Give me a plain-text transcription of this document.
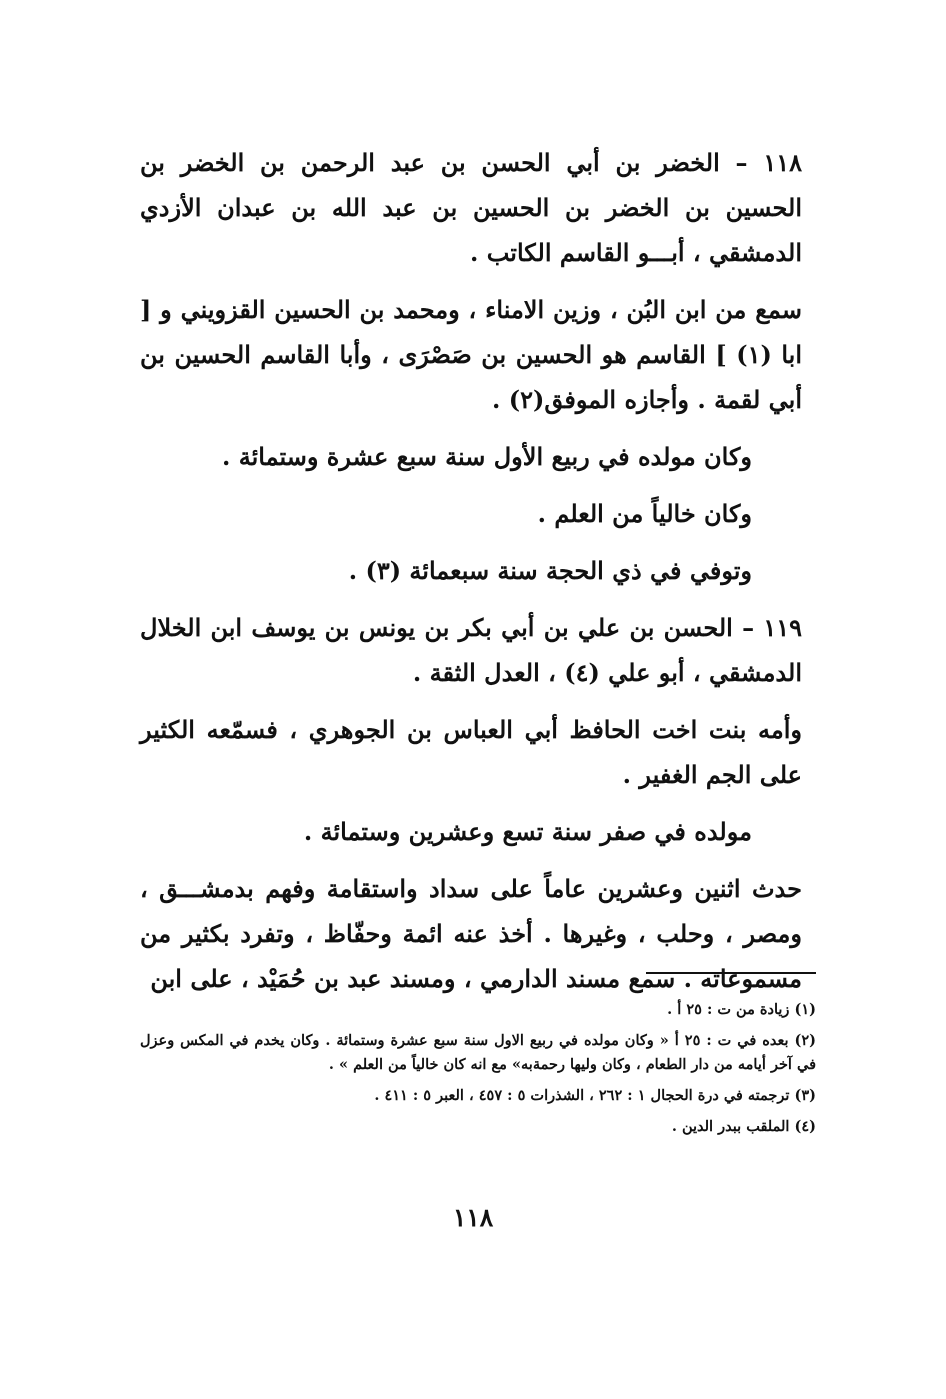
١١٨ – الخضر بن أبي الحسن بن عبد الرحمن بن الخضر بن الحسين بن الخضر بن الحسين بن عبد الله بن عبدان الأزدي الدمشقي ، أبـــو القاسم الكاتب .

سمع من ابن البُن ، وزين الامناء ، ومحمد بن الحسين القزويني و [ ابا (١) ] القاسم هو الحسين بن صَصْرَى ، وأبا القاسم الحسين بن أبي لقمة . وأجازه الموفق(٢) .

وكان مولده في ربيع الأول سنة سبع عشرة وستمائة .

وكان خالياً من العلم .

وتوفي في ذي الحجة سنة سبعمائة (٣) .

١١٩ – الحسن بن علي بن أبي بكر بن يونس بن يوسف ابن الخلال الدمشقي ، أبو علي (٤) ، العدل الثقة .

وأمه بنت اخت الحافظ أبي العباس بن الجوهري ، فسمّعه الكثير على الجم الغفير .

مولده في صفر سنة تسع وعشرين وستمائة .

حدث اثنين وعشرين عاماً على سداد واستقامة وفهم بدمشـــق ، ومصر ، وحلب ، وغيرها . أخذ عنه ائمة وحفّاظ ، وتفرد بكثير من مسموعاته . سمع مسند الدارمي ، ومسند عبد بن حُمَيْد ، على ابن

(١) زيادة من ت : ٢٥ أ .

(٢) بعده في ت : ٢٥ أ « وكان مولده في ربيع الاول سنة سبع عشرة وستمائة . وكان يخدم في المكس وعزل في آخر أيامه من دار الطعام ، وكان وليها رحمةبه» مع انه كان خالياً من العلم » .

(٣) ترجمته في درة الحجال ١ : ٢٦٢ ، الشذرات ٥ : ٤٥٧ ، العبر ٥ : ٤١١ .

(٤) الملقب ببدر الدين .

١١٨
